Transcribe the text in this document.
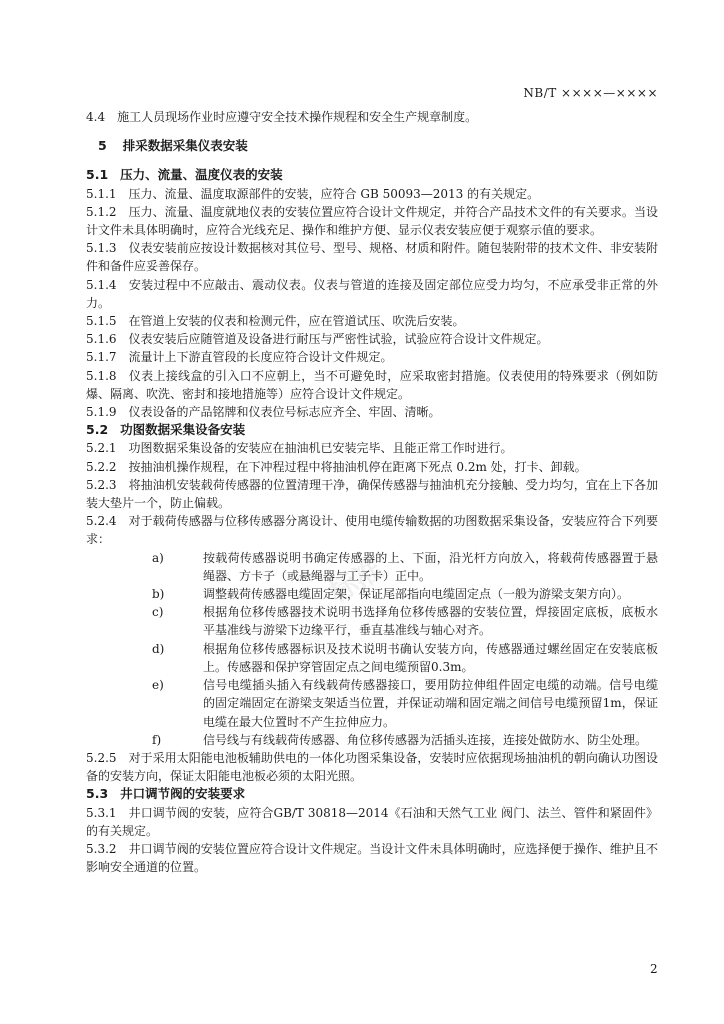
NB/T ××××—××××
标准

4.4 施工人员现场作业时应遵守安全技术操作规程和安全生产规章制度。

5 排采数据采集仪表安装
5.1 压力、流量、温度仪表的安装

5.1.1 压力、流量、温度取源部件的安装，应符合 GB 50093—2013 的有关规定。

5.1.2 压力、流量、温度就地仪表的安装位置应符合设计文件规定，并符合产品技术文件的有关要求。当设计文件未具体明确时，应符合光线充足、操作和维护方便、显示仪表安装应便于观察示值的要求。

5.1.3 仪表安装前应按设计数据核对其位号、型号、规格、材质和附件。随包装附带的技术文件、非安装附件和备件应妥善保存。

5.1.4 安装过程中不应敲击、震动仪表。仪表与管道的连接及固定部位应受力均匀，不应承受非正常的外力。

5.1.5 在管道上安装的仪表和检测元件，应在管道试压、吹洗后安装。

5.1.6 仪表安装后应随管道及设备进行耐压与严密性试验，试验应符合设计文件规定。

5.1.7 流量计上下游直管段的长度应符合设计文件规定。

5.1.8 仪表上接线盒的引入口不应朝上，当不可避免时，应采取密封措施。仪表使用的特殊要求（例如防爆、隔离、吹洗、密封和接地措施等）应符合设计文件规定。

5.1.9 仪表设备的产品铭牌和仪表位号标志应齐全、牢固、清晰。

5.2 功图数据采集设备安装

5.2.1 功图数据采集设备的安装应在抽油机已安装完毕、且能正常工作时进行。

5.2.2 按抽油机操作规程，在下冲程过程中将抽油机停在距离下死点 0.2m 处，打卡、卸载。

5.2.3 将抽油机安装载荷传感器的位置清理干净，确保传感器与抽油机充分接触、受力均匀，宜在上下各加装大垫片一个，防止偏载。

5.2.4 对于载荷传感器与位移传感器分离设计、使用电缆传输数据的功图数据采集设备，安装应符合下列要求：

a)	按载荷传感器说明书确定传感器的上、下面，沿光杆方向放入，将载荷传感器置于悬绳器、方卡子（或悬绳器与工子卡）正中。
b)	调整载荷传感器电缆固定架，保证尾部指向电缆固定点（一般为游梁支架方向）。
c)	根据角位移传感器技术说明书选择角位移传感器的安装位置，焊接固定底板，底板水平基准线与游梁下边缘平行，垂直基准线与轴心对齐。
d)	根据角位移传感器标识及技术说明书确认安装方向，传感器通过螺丝固定在安装底板上。传感器和保护穿管固定点之间电缆预留0.3m。
e)	信号电缆插头插入有线载荷传感器接口，要用防拉伸组件固定电缆的动端。信号电缆的固定端固定在游梁支架适当位置，并保证动端和固定端之间信号电缆预留1m，保证电缆在最大位置时不产生拉伸应力。
f)	信号线与有线载荷传感器、角位移传感器为活插头连接，连接处做防水、防尘处理。

5.2.5 对于采用太阳能电池板辅助供电的一体化功图采集设备，安装时应依据现场抽油机的朝向确认功图设备的安装方向，保证太阳能电池板必须的太阳光照。

5.3 井口调节阀的安装要求

5.3.1 井口调节阀的安装，应符合GB/T 30818—2014《石油和天然气工业 阀门、法兰、管件和紧固件》的有关规定。

5.3.2 井口调节阀的安装位置应符合设计文件规定。当设计文件未具体明确时，应选择便于操作、维护且不影响安全通道的位置。

2
